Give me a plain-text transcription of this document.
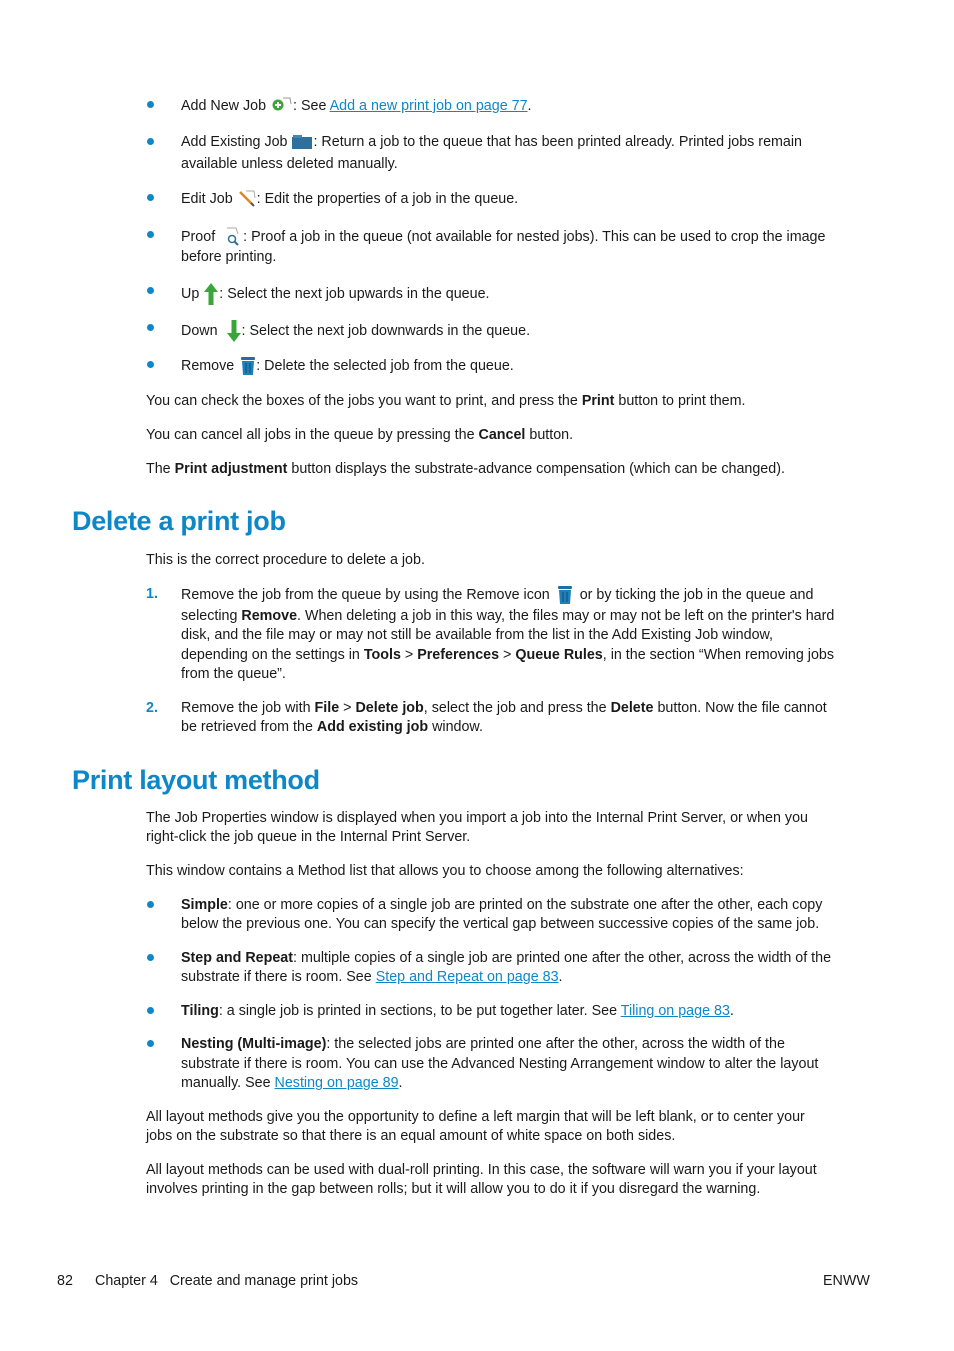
Add New Job : See Add a new print job on page 77.
Add Existing Job : Return a job to the queue that has been printed already. Printed jobs remain
available unless deleted manually.
Edit Job : Edit the properties of a job in the queue.
Proof : Proof a job in the queue (not available for nested jobs). This can be used to crop the image
before printing.
Up : Select the next job upwards in the queue.
Down : Select the next job downwards in the queue.
Remove : Delete the selected job from the queue.
You can check the boxes of the jobs you want to print, and press the Print button to print them.
You can cancel all jobs in the queue by pressing the Cancel button.
The Print adjustment button displays the substrate-advance compensation (which can be changed).
Delete a print job
This is the correct procedure to delete a job.
1. Remove the job from the queue by using the Remove icon or by ticking the job in the queue and
selecting Remove. When deleting a job in this way, the files may or may not be left on the printer's hard
disk, and the file may or may not still be available from the list in the Add Existing Job window,
depending on the settings in Tools > Preferences > Queue Rules, in the section “When removing jobs
from the queue”.
2. Remove the job with File > Delete job, select the job and press the Delete button. Now the file cannot
be retrieved from the Add existing job window.
Print layout method
The Job Properties window is displayed when you import a job into the Internal Print Server, or when you
right-click the job queue in the Internal Print Server.
This window contains a Method list that allows you to choose among the following alternatives:
Simple: one or more copies of a single job are printed on the substrate one after the other, each copy
below the previous one. You can specify the vertical gap between successive copies of the same job.
Step and Repeat: multiple copies of a single job are printed one after the other, across the width of the
substrate if there is room. See Step and Repeat on page 83.
Tiling: a single job is printed in sections, to be put together later. See Tiling on page 83.
Nesting (Multi-image): the selected jobs are printed one after the other, across the width of the
substrate if there is room. You can use the Advanced Nesting Arrangement window to alter the layout
manually. See Nesting on page 89.
All layout methods give you the opportunity to define a left margin that will be left blank, or to center your
jobs on the substrate so that there is an equal amount of white space on both sides.
All layout methods can be used with dual-roll printing. In this case, the software will warn you if your layout
involves printing in the gap between rolls; but it will allow you to do it if you disregard the warning.
82 Chapter 4 Create and manage print jobs	ENWW
